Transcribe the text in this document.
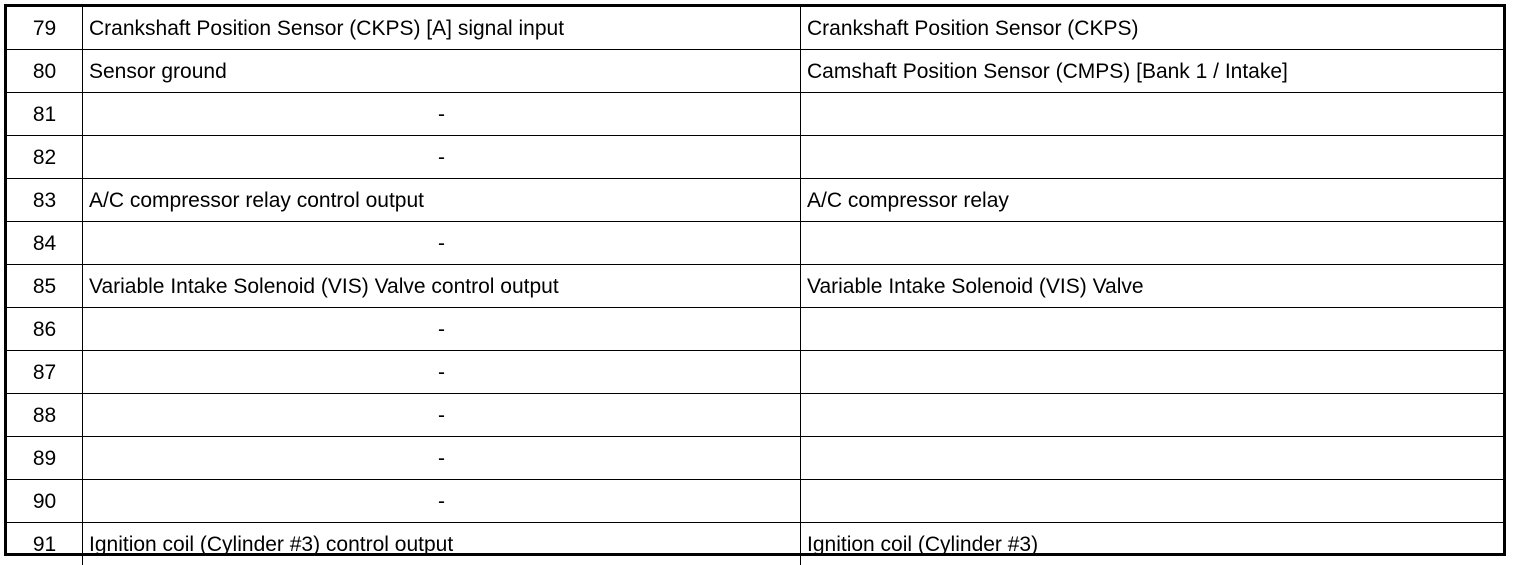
79	Crankshaft Position Sensor (CKPS) [A] signal input	Crankshaft Position Sensor (CKPS)
80	Sensor ground	Camshaft Position Sensor (CMPS) [Bank 1 / Intake]
81	-	
82	-	
83	A/C compressor relay control output	A/C compressor relay
84	-	
85	Variable Intake Solenoid (VIS) Valve control output	Variable Intake Solenoid (VIS) Valve
86	-	
87	-	
88	-	
89	-	
90	-	
91	Ignition coil (Cylinder #3) control output	Ignition coil (Cylinder #3)
